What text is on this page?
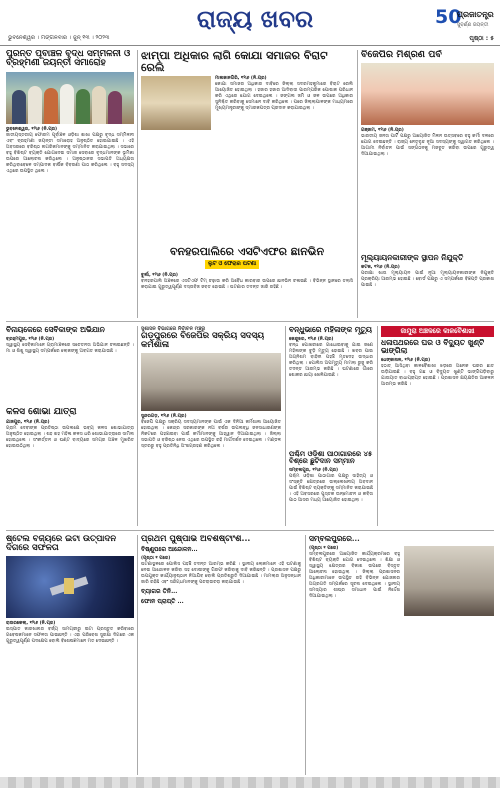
ରାଜ୍ୟ ଖବର	50
ପ୍ରଜାତନ୍ତ୍ର
ସୁବର୍ଣ୍ଣ ଜୟନ୍ତୀ
ଭୁବନେଶ୍ୱର । ମଙ୍ଗଳବାର । ଜୁନ୍ ୧୩ । ୨୦୨୩	ପୃଷ୍ଠା : ୫
ପୁରିନ୍ତ ପୂର୍ବାଞ୍ଚଳ ବୃଦ୍ଧ ସମ୍ମିଳନୀ ଓ ବ୍ରହ୍ମଣୀ ଜୟନ୍ତୀ ସମାରୋହ
ଭୁବନେଶ୍ୱର, ୧୨ା୬ (ନି.ପ୍ର)
ଜାତୀୟସ୍ତରୀୟ ଫୋରମ ପୂର୍ବାଞ୍ଚଳ ଓଡ଼ିଶା ଶାଖା ପକ୍ଷରୁ ବୃଦ୍ଧ ସମ୍ମିଳନୀ ଏବଂ ବ୍ରହ୍ମଣୀ ଜୟନ୍ତୀ ସମାରୋହ ଅନୁଷ୍ଠିତ ହୋଇଯାଇଛି । ଏହି ଅବସରରେ ବରିଷ୍ଠ ନାଗରିକମାନଙ୍କୁ ସମ୍ମାନିତ କରାଯାଇଥିଲା । ସଭାରେ ବହୁ ବିଶିଷ୍ଟ ବ୍ୟକ୍ତି ଯୋଗଦେଇ ସମାଜ ସେବାରେ ବୃଦ୍ଧମାନଙ୍କ ଭୂମିକା ଉପରେ ଆଲୋଚନା କରିଥିଲେ । ଅନୁଷ୍ଠାନର ସଭାପତି ଅଧ୍ୟକ୍ଷତା କରିଥିବାବେଳେ ସମ୍ପାଦକ ବାର୍ଷିକ ବିବରଣୀ ପାଠ କରିଥିଲେ । ବହୁ ସଦସ୍ୟ ଏଥିରେ ଉପସ୍ଥିତ ଥିଲେ ।
ଝାମ୍ପା ଅଧିକାର ଲାଗି କୋଯା ସମାଜର ବିରାଟ ରେଲି
ମାଲକାନଗିରି, ୧୨ା୬ (ନି.ପ୍ର)
କୋଯା ସମାଜର ଅଧିକାର ଦାବିରେ ଜିଲ୍ଲା ସଦରମହକୁମାରେ ବିରାଟ ରେଲି ଆୟୋଜିତ ହୋଇଥିଲା । ହଜାର ହଜାର ଆଦିବାସୀ ପାରମ୍ପରିକ ପୋଷାକ ପରିଧାନ କରି ଏଥିରେ ଯୋଗ ଦେଇଥିଲେ । ଜଙ୍ଗଲ ଜମି ଓ ଜଳ ଉପରେ ଅଧିକାର ସୁନିଶ୍ଚିତ କରିବାକୁ ସେମାନେ ଦାବି କରିଥିଲେ । ପରେ ଜିଲ୍ଲାପାଳଙ୍କ ମାଧ୍ୟମରେ ମୁଖ୍ୟମନ୍ତ୍ରୀଙ୍କୁ ସ୍ମାରକପତ୍ର ପ୍ରଦାନ କରାଯାଇଥିଲା ।
ବିଜେପିର ମିଶ୍ରଣ ପର୍ବ
ଗଞ୍ଜାମ, ୧୨ା୬ (ନି.ପ୍ର)
ଭାରତୀୟ ଜନତା ପାର୍ଟି ପକ୍ଷରୁ ଆୟୋଜିତ ମିଳନ ଉତ୍ସବରେ ବହୁ କର୍ମୀ ଦଳରେ ଯୋଗ ଦେଇଛନ୍ତି । ରାଜ୍ୟ ନେତୃବୃନ୍ଦ ନୂଆ ସଦସ୍ୟଙ୍କୁ ସ୍ୱାଗତ କରିଥିଲେ । ଆଗାମୀ ନିର୍ବାଚନ ପାଇଁ ସଙ୍ଗଠନକୁ ମଜବୁତ କରିବା ଉପରେ ଗୁରୁତ୍ୱ ଦିଆଯାଇଥିଲା ।
ବନହରପାଲିରେ ଏସଟିଏଫର ଛାନଭିନ
ଲୁଟ ଓ ଫେରାର ଘଟଣା
ବୁର୍ଲା, ୧୨ା୬ (ନି.ପ୍ର)
ବନହରପାଲି ଅଞ୍ଚଳରେ ଏସଟିଏଫ ଟିମ୍ ଚଢ଼ାଉ କରି ଅବୈଧ କାରବାର ଉପରେ ଛାନଭିନ ଚଳାଇଛି । ବିଭିନ୍ନ ସ୍ଥାନରେ ତଲାସି କରାଯାଇ ଗୁରୁତ୍ୱପୂର୍ଣ୍ଣ ଦସ୍ତାବିଜ ଜବତ ହୋଇଛି । ଘଟଣାର ତଦନ୍ତ ଜାରି ରହିଛି ।
ମୂଲ୍ୟାୟନକାରୀଙ୍କ ସ୍ଥାପନ ନିଯୁକ୍ତି
କଟକ, ୧୨ା୬ (ନି.ପ୍ର)
ପରୀକ୍ଷା ଖାତା ମୂଲ୍ୟାୟନ ପାଇଁ ନୂଆ ମୂଲ୍ୟାୟନକାରୀଙ୍କ ନିଯୁକ୍ତି ପ୍ରକ୍ରିୟା ଆରମ୍ଭ ହୋଇଛି । ବୋର୍ଡ ପକ୍ଷରୁ ଏ ସମ୍ପର୍କରେ ବିଜ୍ଞପ୍ତି ପ୍ରକାଶ ପାଇଛି ।
ବିନାୟକେରେ ସେବିକାଙ୍କ ଅଭିଯାନ
ବ୍ରହ୍ମପୁର, ୧୨ା୬ (ନି.ପ୍ର)
ସ୍ୱାସ୍ଥ୍ୟ ସେବିକାମାନେ ଗ୍ରାମାଞ୍ଚଳରେ ସଚେତନତା ଅଭିଯାନ ଚଳାଇଛନ୍ତି । ମା ଓ ଶିଶୁ ସ୍ୱାସ୍ଥ୍ୟ ସମ୍ପର୍କରେ ଲୋକଙ୍କୁ ଅବଗତ କରାଯାଉଛି ।
କଳସ ଶୋଭା ଯାତ୍ରା
ଯାଜପୁର, ୧୨ା୬ (ନି.ପ୍ର)
ଗ୍ରାମ ଦେବୀଙ୍କ ପ୍ରତିଷ୍ଠା ଉପଲକ୍ଷେ ଭବ୍ୟ କଳସ ଶୋଭାଯାତ୍ରା ଅନୁଷ୍ଠିତ ହୋଇଥିଲା । ଶହ ଶହ ମହିଳା କଳସ ଧରି ଶୋଭାଯାତ୍ରାରେ ସାମିଲ ହୋଇଥିଲେ । ସଂକୀର୍ତ୍ତନ ଓ ଘଣ୍ଟ ବାଦ୍ୟରେ ସମଗ୍ର ଅଞ୍ଚଳ ମୁଖରିତ ହୋଇଉଠିଥିଲା ।
ସୁଶାସନ ବିଭାଗରେ ନିର୍ବାଚନ ମଞ୍ଚରୁ
ଗଡ଼ପୁରରେ ବିଜେପିର ସକ୍ରିୟ ସଦସ୍ୟ କର୍ମଶାଳା
ସୁନ୍ଦରଗଡ଼, ୧୨ା୬ (ନି.ପ୍ର)
ବିଜେପି ପକ୍ଷରୁ ସକ୍ରିୟ ସଦସ୍ୟମାନଙ୍କ ପାଇଁ ଏକ ଦିନିଆ କର୍ମଶାଳା ଆୟୋଜିତ ହୋଇଥିଲା । କେନ୍ଦ୍ର ସରକାରଙ୍କ ନଅ ବର୍ଷର ଉପଲବ୍ଧି ଜନସାଧାରଣଙ୍କ ନିକଟରେ ପହଞ୍ଚାଇବା ପାଇଁ କର୍ମୀମାନଙ୍କୁ ଆହ୍ୱାନ ଦିଆଯାଇଥିଲା । ଜିଲ୍ଲା ସଭାପତି ଓ ବରିଷ୍ଠ ନେତା ଏଥିରେ ଉପସ୍ଥିତ ରହି ମାର୍ଗଦର୍ଶନ ଦେଇଥିଲେ । ମଣ୍ଡଳ ସ୍ତରରୁ ବହୁ ପ୍ରତିନିଧି ଅଂଶଗ୍ରହଣ କରିଥିଲେ ।
ବନ୍ଧୁଭାରେ ମହିଳାଙ୍କ ମୃତ୍ୟୁ
କେନ୍ଦୁଝର, ୧୨ା୬ (ନି.ପ୍ର)
ବନ୍ଧ ପୋଖରୀରେ ଗାଧୋଇବାକୁ ଯାଇ ଜଣେ ମହିଳାଙ୍କ ବୁଡ଼ି ମୃତ୍ୟୁ ହୋଇଛି । ଖବର ପାଇ ଅଗ୍ନିଶମ ବାହିନୀ ପହଞ୍ଚି ମୃତଦେହ ଉଦ୍ଧାର କରିଥିଲା । ପୋଲିସ ଅପମୃତ୍ୟୁ ମାମଲା ରୁଜୁ କରି ତଦନ୍ତ ଆରମ୍ଭ କରିଛି । ଘଟଣାରେ ଗାଁରେ ଶୋକର ଛାୟା ଖେଳିଯାଇଛି ।
ପଶ୍ଚିମ ଓଡ଼ିଶା ପାଠାଗାରରେ ୪୫ ବିଶ୍ରେ ଛୁଟିଦାନ ସମ୍ମାନ
ସମ୍ବଲପୁର, ୧୨ା୬ (ନି.ପ୍ର)
ପଶ୍ଚିମ ଓଡ଼ିଶା ପାଠାଗାର ପକ୍ଷରୁ ସାହିତ୍ୟ ଓ ସଂସ୍କୃତି କ୍ଷେତ୍ରରେ ଉଲ୍ଲେଖନୀୟ ଅବଦାନ ପାଇଁ ବିଶିଷ୍ଟ ବ୍ୟକ୍ତିଙ୍କୁ ସମ୍ମାନିତ କରାଯାଇଛି । ଏହି ଅବସରରେ ପୁସ୍ତକ ଉନ୍ମୋଚନ ଓ କବିତା ପାଠ ଆସର ମଧ୍ୟ ଆୟୋଜିତ ହୋଇଥିଲା ।
ଜାମୁରା ଅଞ୍ଚଳରେ କାଳବୈଶାଖୀ
ଧଳାପଥରରେ ଘର ଓ ବିଦ୍ୟୁତ ଖୁଣ୍ଟି ଭାଙ୍ଗିଲା
ଧେଙ୍କାନାଳ, ୧୨ା୬ (ନି.ପ୍ର)
ହଠାତ୍ ଆସିଥିବା କାଳବୈଶାଖୀ ଝଡ଼ରେ ଅନେକ ଘରର ଛାତ ଉଡ଼ିଯାଇଛି । ବହୁ ଗଛ ଓ ବିଦ୍ୟୁତ ଖୁଣ୍ଟି ଭାଙ୍ଗିପଡ଼ିବାରୁ ଯାତାୟାତ ବାଧାପ୍ରାପ୍ତ ହୋଇଛି । ପ୍ରଶାସନ କ୍ଷୟକ୍ଷତିର ଆକଳନ ଆରମ୍ଭ କରିଛି ।
ଷ୍ଟେଲ ବର୍ଜ୍ୟରେ ଇଟା ଉତ୍ପାଦନ ଦିଗରେ ସଫଳତା
ରାଉରକେଲା, ୧୨ା୬ (ନି.ପ୍ର)
ଇସ୍ପାତ କାରଖାନାର ବର୍ଜ୍ୟ ସାମଗ୍ରୀରୁ ଇଟା ପ୍ରସ୍ତୁତ କରିବାରେ ଗବେଷକମାନେ ସଫଳତା ପାଇଛନ୍ତି । ଏହା ପରିବେଶ ସୁରକ୍ଷା ଦିଗରେ ଏକ ଗୁରୁତ୍ୱପୂର୍ଣ୍ଣ ପଦକ୍ଷେପ ବୋଲି ବିଶେଷଜ୍ଞମାନେ ମତ ଦେଇଛନ୍ତି ।
ପ୍ରଥମ ପୁଷ୍ପାଭ ଅବଶିଷ୍ଟାଂଶ...
ବିଷ୍ଣୁପରେ ଆନ୍ଦୋଳନ...
(ପୃଷ୍ଠା ୧ ପରେ)
ଘଟଣାସ୍ଥଳରେ ପୋଲିସ ପହଞ୍ଚି ତଦନ୍ତ ଆରମ୍ଭ କରିଛି । ସ୍ଥାନୀୟ ଲୋକମାନେ ଏହି ଘଟଣାକୁ ନେଇ ଆନ୍ଦୋଳନ କରିବା ସହ ଦୋଷୀଙ୍କୁ ଗିରଫ କରିବାକୁ ଦାବି କରିଛନ୍ତି । ପ୍ରଶାସନ ପକ୍ଷରୁ ଉପଯୁକ୍ତ କାର୍ଯ୍ୟାନୁଷ୍ଠାନ ନିଆଯିବ ବୋଲି ପ୍ରତିଶ୍ରୁତି ଦିଆଯାଇଛି । ମାମଲାର ଅନୁସନ୍ଧାନ ଜାରି ରହିଛି ଏବଂ ସନ୍ଦିଗ୍ଧମାନଙ୍କୁ ପଚରାଉଚରା କରାଯାଉଛି ।
ବ୍ୟାଗର ତିନି...
ଫୋନ ପ୍ରାପ୍ତି ...
ସମ୍ବଲପୁରରେ...
(ପୃଷ୍ଠା ୧ ପରେ)
ସମ୍ବଲପୁରରେ ଆୟୋଜିତ କାର୍ଯ୍ୟକ୍ରମରେ ବହୁ ବିଶିଷ୍ଟ ବ୍ୟକ୍ତି ଯୋଗ ଦେଇଥିଲେ । ଶିକ୍ଷା ଓ ସ୍ୱାସ୍ଥ୍ୟ କ୍ଷେତ୍ରର ବିକାଶ ଉପରେ ବିସ୍ତୃତ ଆଲୋଚନା ହୋଇଥିଲା । ଜିଲ୍ଲା ପ୍ରଶାସନର ଅଧିକାରୀମାନେ ଉପସ୍ଥିତ ରହି ବିଭିନ୍ନ ଯୋଜନାର ଅଗ୍ରଗତି ସମ୍ପର୍କରେ ସୂଚନା ଦେଇଥିଲେ । ସ୍ଥାନୀୟ ସମସ୍ୟାର ଶୀଘ୍ର ସମାଧାନ ପାଇଁ ନିର୍ଦ୍ଦେଶ ଦିଆଯାଇଥିଲା ।
